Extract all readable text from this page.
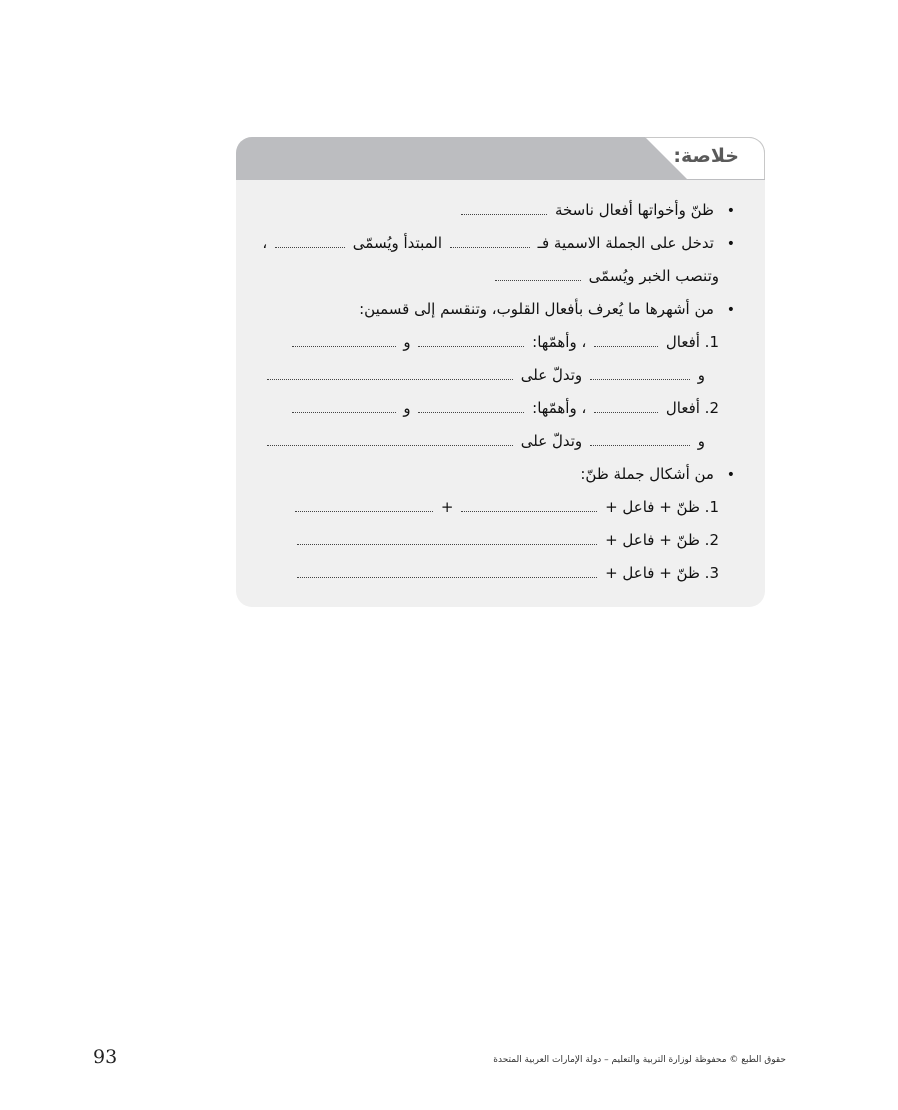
خلاصة:
• ظنّ وأخواتها أفعال ناسخة
• تدخل على الجملة الاسمية فـ  المبتدأ ويُسمّى  ،
وتنصب الخبر ويُسمّى
• من أشهرها ما يُعرف بأفعال القلوب، وتنقسم إلى قسمين:
1. أفعال  ، وأهمّها:  و
و  وتدلّ على
2. أفعال  ، وأهمّها:  و
و  وتدلّ على
• من أشكال جملة ظنّ:
1. ظنّ + فاعل +  +
2. ظنّ + فاعل +
3. ظنّ + فاعل +
حقوق الطبع © محفوظة لوزارة التربية والتعليم – دولة الإمارات العربية المتحدة
93
